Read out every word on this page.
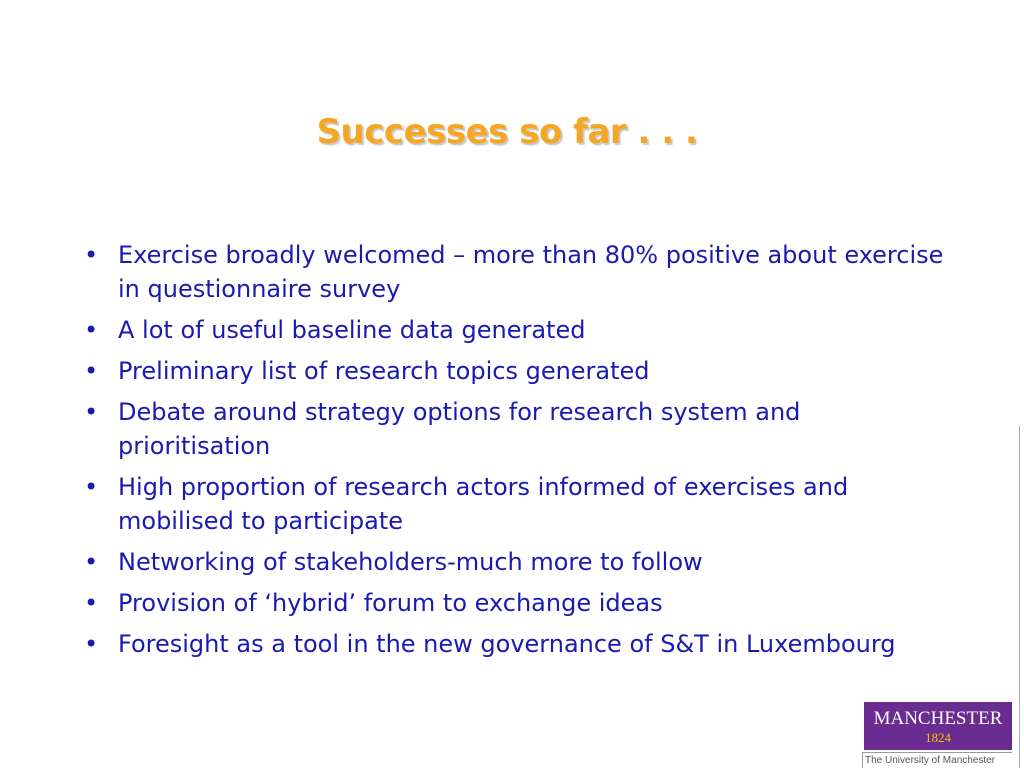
Successes so far . . .
• Exercise broadly welcomed – more than 80% positive about exercise in questionnaire survey
• A lot of useful baseline data generated
• Preliminary list of research topics generated
• Debate around strategy options for research system and prioritisation
• High proportion of research actors informed of exercises and mobilised to participate
• Networking of stakeholders-much more to follow
• Provision of ‘hybrid’ forum to exchange ideas
• Foresight as a tool in the new governance of S&T in Luxembourg
MANCHESTER
1824
The University of Manchester
